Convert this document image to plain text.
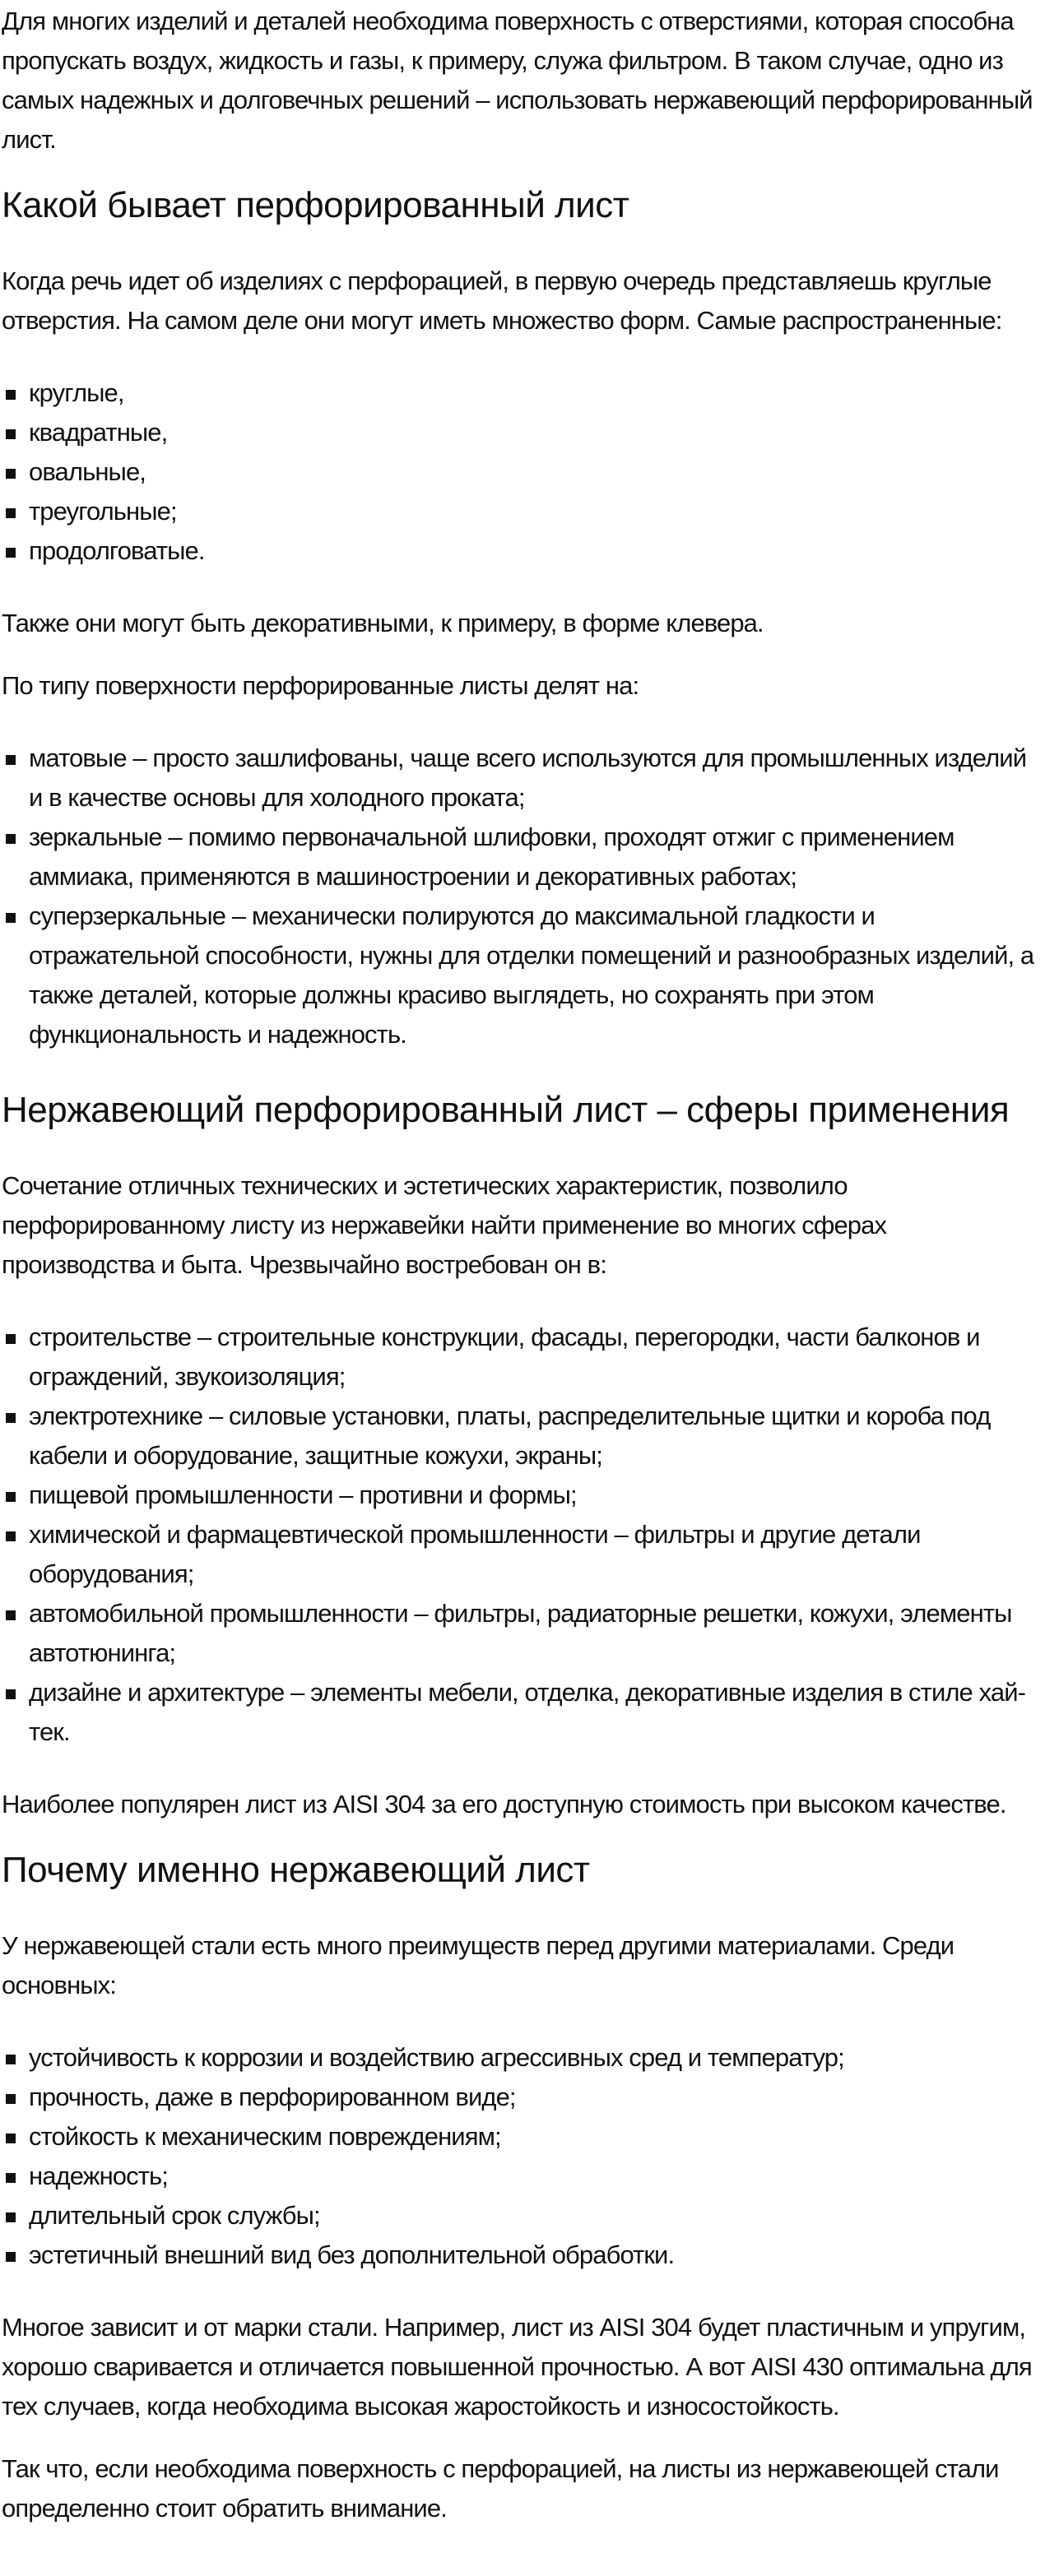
Для многих изделий и деталей необходима поверхность с отверстиями, которая способна пропускать воздух, жидкость и газы, к примеру, служа фильтром. В таком случае, одно из самых надежных и долговечных решений – использовать нержавеющий перфорированный лист.

Какой бывает перфорированный лист

Когда речь идет об изделиях с перфорацией, в первую очередь представляешь круглые отверстия. На самом деле они могут иметь множество форм. Самые распространенные:

круглые,
квадратные,
овальные,
треугольные;
продолговатые.

Также они могут быть декоративными, к примеру, в форме клевера.

По типу поверхности перфорированные листы делят на:

матовые – просто зашлифованы, чаще всего используются для промышленных изделий и в качестве основы для холодного проката;
зеркальные – помимо первоначальной шлифовки, проходят отжиг с применением аммиака, применяются в машиностроении и декоративных работах;
суперзеркальные – механически полируются до максимальной гладкости и отражательной способности, нужны для отделки помещений и разнообразных изделий, а также деталей, которые должны красиво выглядеть, но сохранять при этом функциональность и надежность.
Нержавеющий перфорированный лист – сферы применения

Сочетание отличных технических и эстетических характеристик, позволило перфорированному листу из нержавейки найти применение во многих сферах производства и быта. Чрезвычайно востребован он в:

строительстве – строительные конструкции, фасады, перегородки, части балконов и ограждений, звукоизоляция;
электротехнике – силовые установки, платы, распределительные щитки и короба под кабели и оборудование, защитные кожухи, экраны;
пищевой промышленности – противни и формы;
химической и фармацевтической промышленности – фильтры и другие детали оборудования;
автомобильной промышленности – фильтры, радиаторные решетки, кожухи, элементы автотюнинга;
дизайне и архитектуре – элементы мебели, отделка, декоративные изделия в стиле хай-тек.

Наиболее популярен лист из AISI 304 за его доступную стоимость при высоком качестве.

Почему именно нержавеющий лист

У нержавеющей стали есть много преимуществ перед другими материалами. Среди основных:

устойчивость к коррозии и воздействию агрессивных сред и температур;
прочность, даже в перфорированном виде;
стойкость к механическим повреждениям;
надежность;
длительный срок службы;
эстетичный внешний вид без дополнительной обработки.

Многое зависит и от марки стали. Например, лист из AISI 304 будет пластичным и упругим, хорошо сваривается и отличается повышенной прочностью. А вот AISI 430 оптимальна для тех случаев, когда необходима высокая жаростойкость и износостойкость.

Так что, если необходима поверхность с перфорацией, на листы из нержавеющей стали определенно стоит обратить внимание.
